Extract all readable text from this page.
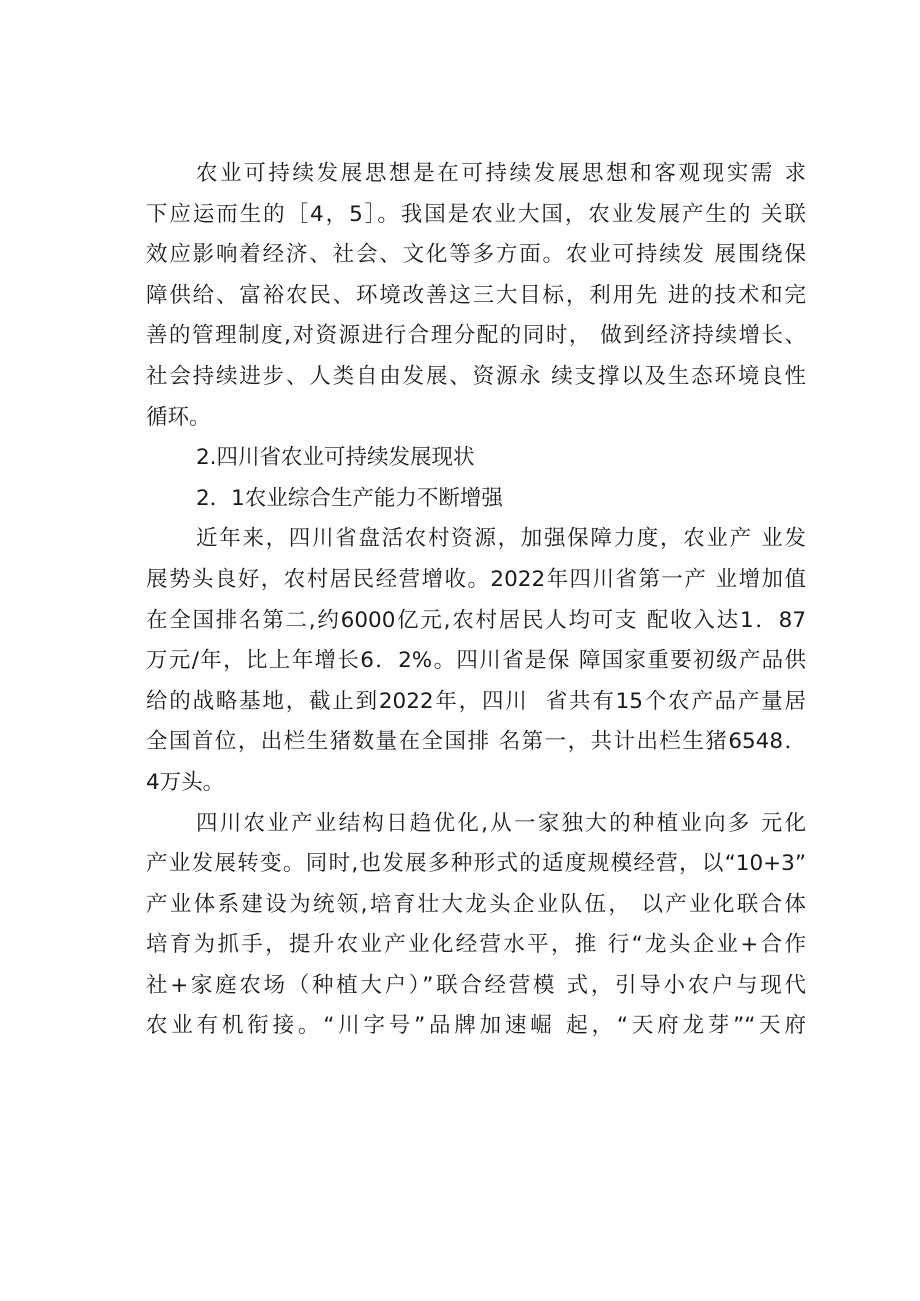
农业可持续发展思想是在可持续发展思想和客观现实需 求
下应运而生的［4，5］。我国是农业大国，农业发展产生的 关联
效应影响着经济、社会、文化等多方面。农业可持续发 展围绕保
障供给、富裕农民、环境改善这三大目标，利用先 进的技术和完
善的管理制度,对资源进行合理分配的同时， 做到经济持续增长、
社会持续进步、人类自由发展、资源永 续支撑以及生态环境良性
循环。
2.四川省农业可持续发展现状
2．1农业综合生产能力不断增强
近年来，四川省盘活农村资源，加强保障力度，农业产 业发
展势头良好，农村居民经营增收。2022年四川省第一产 业增加值
在全国排名第二,约6000亿元,农村居民人均可支 配收入达1．87
万元/年，比上年增长6．2%。四川省是保 障国家重要初级产品供
给的战略基地，截止到2022年，四川  省共有15个农产品产量居
全国首位，出栏生猪数量在全国排 名第一，共计出栏生猪6548．
4万头。
四川农业产业结构日趋优化,从一家独大的种植业向多 元化
产业发展转变。同时,也发展多种形式的适度规模经营，以“10+3”
产业体系建设为统领,培育壮大龙头企业队伍， 以产业化联合体
培育为抓手，提升农业产业化经营水平，推 行“龙头企业+合作
社+家庭农场（种植大户）”联合经营模 式，引导小农户与现代
农业有机衔接。“川字号”品牌加速崛 起，“天府龙芽”“天府
